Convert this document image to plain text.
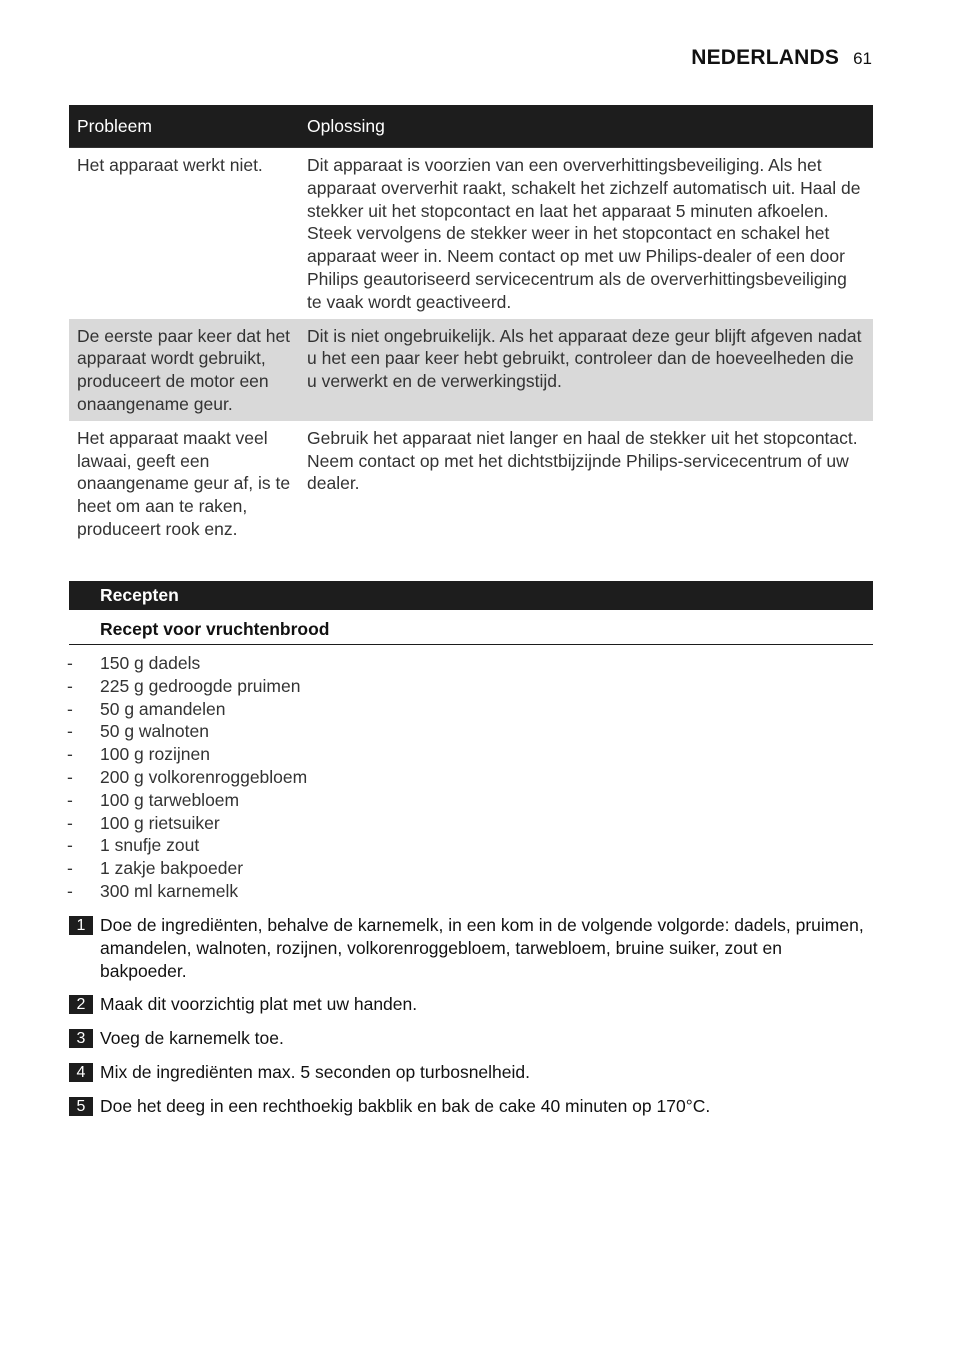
NEDERLANDS 61
Probleem	Oplossing
Het apparaat werkt niet.	Dit apparaat is voorzien van een oververhittingsbeveiliging. Als het apparaat oververhit raakt, schakelt het zichzelf automatisch uit. Haal de stekker uit het stopcontact en laat het apparaat 5 minuten afkoelen. Steek vervolgens de stekker weer in het stopcontact en schakel het apparaat weer in. Neem contact op met uw Philips-dealer of een door Philips geautoriseerd servicecentrum als de oververhittingsbeveiliging te vaak wordt geactiveerd.
De eerste paar keer dat het apparaat wordt gebruikt, produceert de motor een onaangename geur.	Dit is niet ongebruikelijk. Als het apparaat deze geur blijft afgeven nadat u het een paar keer hebt gebruikt, controleer dan de hoeveelheden die u verwerkt en de verwerkingstijd.
Het apparaat maakt veel lawaai, geeft een onaangename geur af, is te heet om aan te raken, produceert rook enz.	Gebruik het apparaat niet langer en haal de stekker uit het stopcontact. Neem contact op met het dichtstbijzijnde Philips-servicecentrum of uw dealer.
Recepten
Recept voor vruchtenbrood
-	150 g dadels
-	225 g gedroogde pruimen
-	50 g amandelen
-	50 g walnoten
-	100 g rozijnen
-	200 g volkorenroggebloem
-	100 g tarwebloem
-	100 g rietsuiker
-	1 snufje zout
-	1 zakje bakpoeder
-	300 ml karnemelk
1 Doe de ingrediënten, behalve de karnemelk, in een kom in de volgende volgorde: dadels, pruimen, amandelen, walnoten, rozijnen, volkorenroggebloem, tarwebloem, bruine suiker, zout en bakpoeder.
2 Maak dit voorzichtig plat met uw handen.
3 Voeg de karnemelk toe.
4 Mix de ingrediënten max. 5 seconden op turbosnelheid.
5 Doe het deeg in een rechthoekig bakblik en bak de cake 40 minuten op 170°C.
